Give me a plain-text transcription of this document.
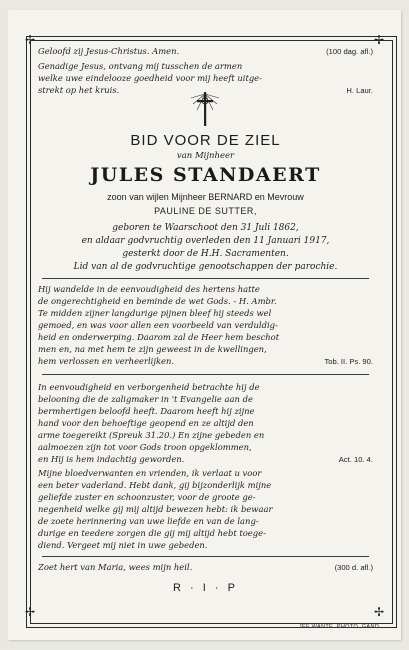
✢	✢
✢	✢
Geloofd zij Jesus-Christus. Amen.	(100 dag. afl.)
Genadige Jesus, ontvang mij tusschen de armen
welke uwe eindelooze goedheid voor mij heeft uitge-
strekt op het kruis.	H. Laur.
BID VOOR DE ZIEL
van Mijnheer
JULES STANDAERT
zoon van wijlen Mijnheer BERNARD en Mevrouw
PAULINE DE SUTTER,
geboren te Waarschoot den 31 Juli 1862,
en aldaar godvruchtig overleden den 11 Januari 1917,
gesterkt door de H.H. Sacramenten.
Lid van al de godvruchtige genootschappen der parochie.
Hij wandelde in de eenvoudigheid des hertens hatte
de ongerechtigheid en beminde de wet Gods. - H. Ambr.
Te midden zijner langdurige pijnen bleef hij steeds wel
gemoed, en was voor allen een voorbeeld van verduldig-
heid en onderwerping. Daarom zal de Heer hem beschot
men en, na met hem te zijn geweest in de kwellingen,
hem verlossen en verheerlijken.	Tob. II. Ps. 90.
In eenvoudigheid en verborgenheid betrachte hij de
belooning die de zaligmaker in 't Evangelie aan de
bermhertigen beloofd heeft. Daarom heeft hij zijne
hand voor den behoeftige geopend en ze altijd den
arme toegereikt (Spreuk 31.20.) En zijne gebeden en
aalmoezen zijn tot voor Gods troon opgeklommen,
en Hij is hem indachtig geworden.	Act. 10. 4.
Mijne bloedverwanten en vrienden, ik verlaat u voor
een beter vaderland. Hebt dank, gij bijzonderlijk mijne
geliefde zuster en schoonzuster, voor de groote ge-
negenheid welke gij mij altijd bewezen hebt: ik bewaar
de zoete herinnering van uwe liefde en van de lang-
durige en teedere zorgen die gij mij altijd hebt toege-
diend. Vergeet mij niet in uwe gebeden.
Zoet hert van Maria, wees mijn heil.	(300 d. afl.)
R · I · P
JEF WANTE. PHOTO. GAND.
